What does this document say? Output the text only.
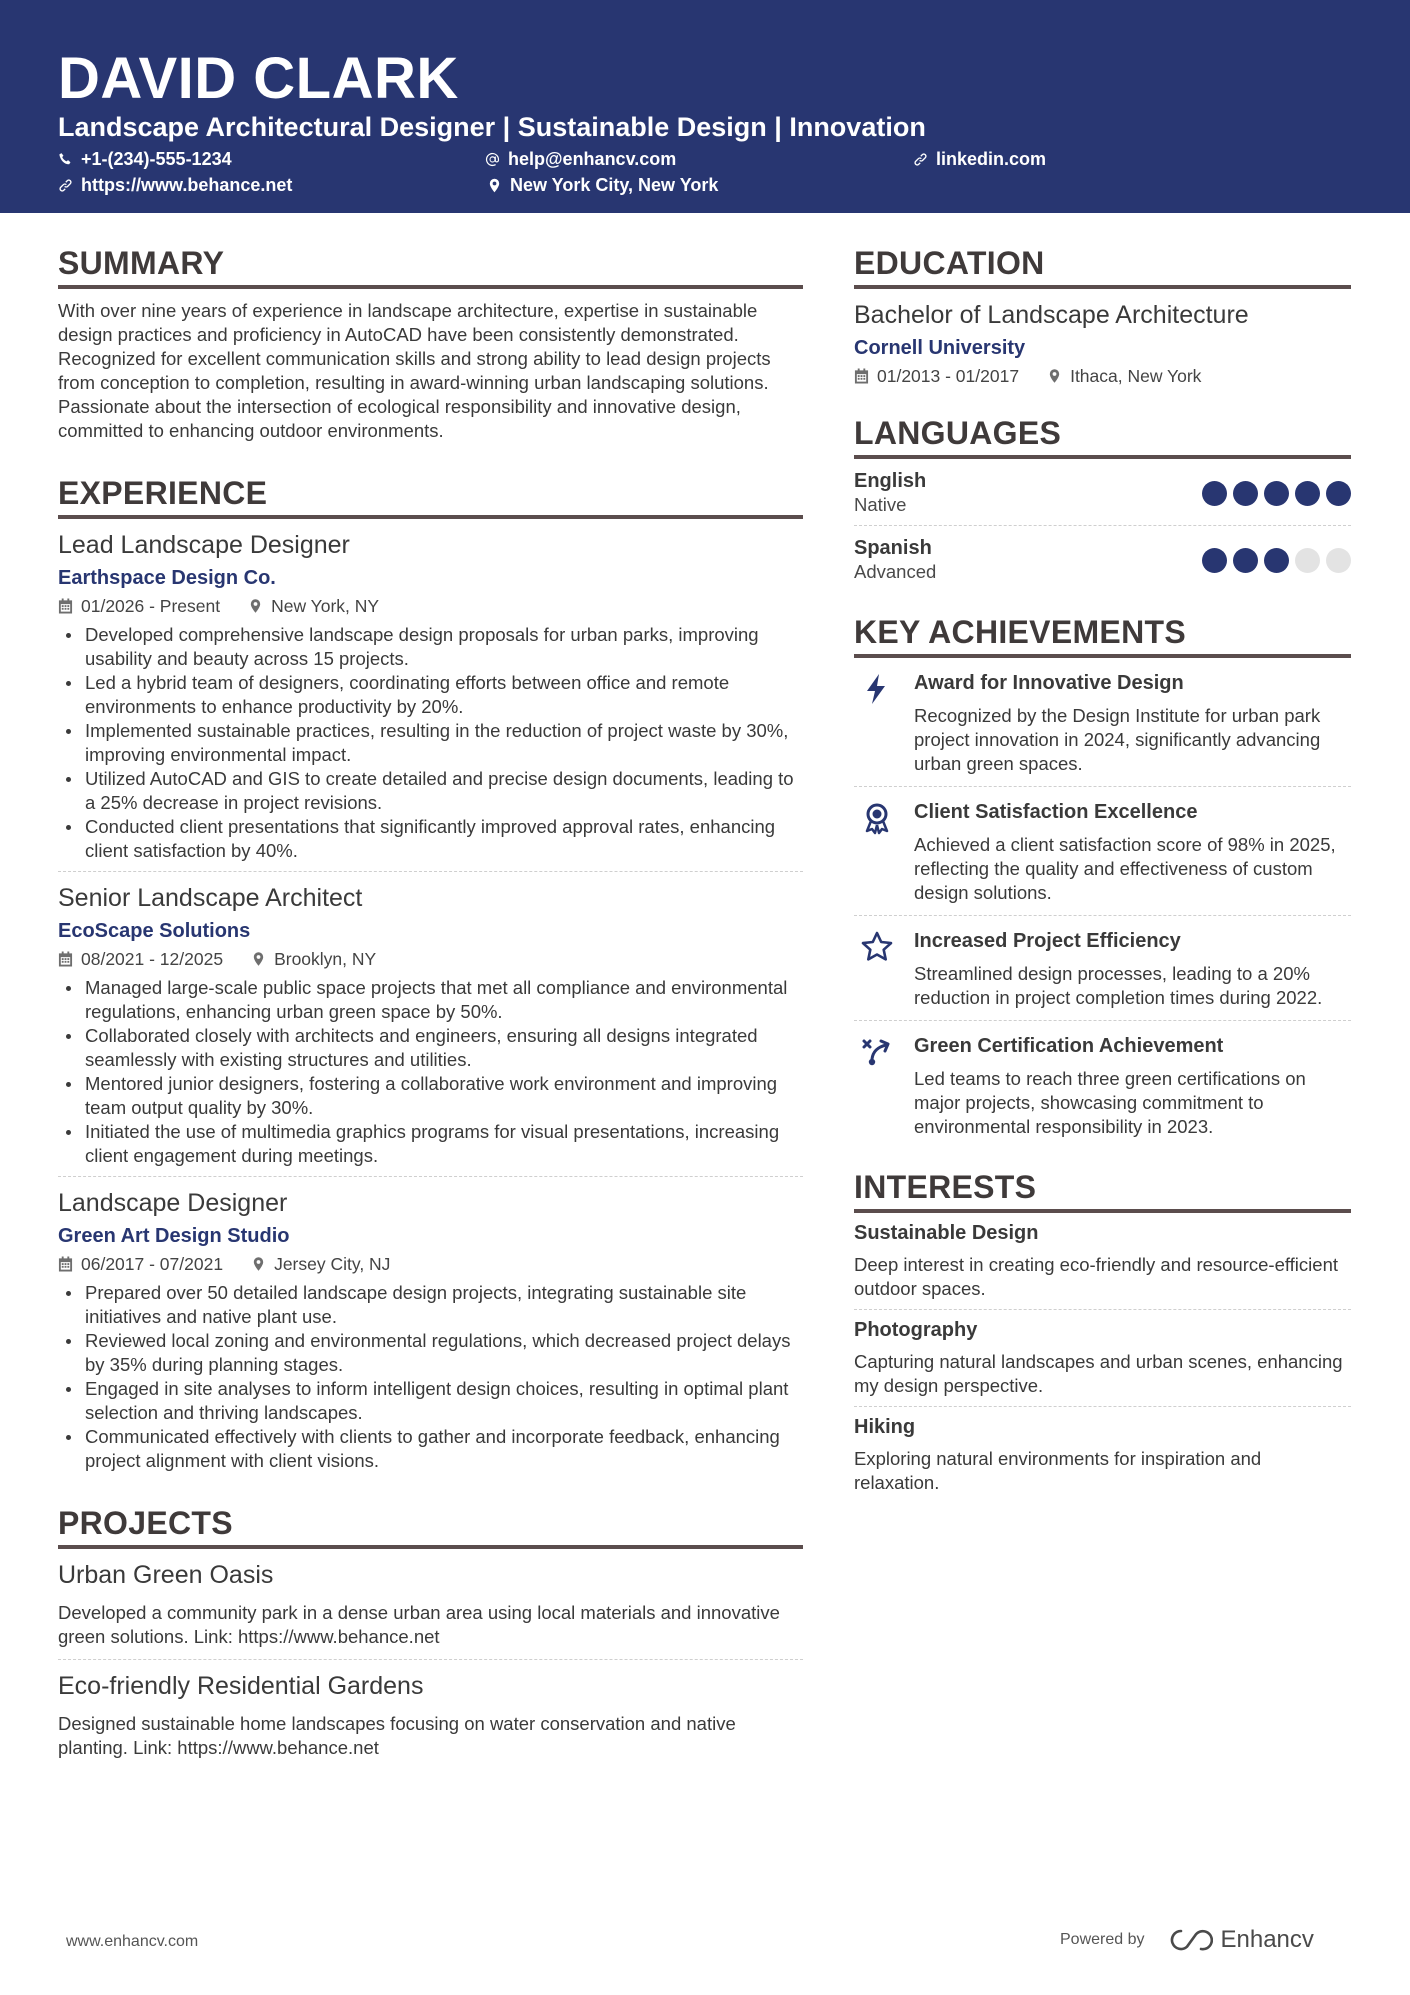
DAVID CLARK
Landscape Architectural Designer | Sustainable Design | Innovation
+1-(234)-555-1234	help@enhancv.com	linkedin.com
https://www.behance.net	New York City, New York
SUMMARY
With over nine years of experience in landscape architecture, expertise in sustainable design practices and proficiency in AutoCAD have been consistently demonstrated. Recognized for excellent communication skills and strong ability to lead design projects from conception to completion, resulting in award-winning urban landscaping solutions. Passionate about the intersection of ecological responsibility and innovative design, committed to enhancing outdoor environments.
EXPERIENCE
Lead Landscape Designer
Earthspace Design Co.
01/2026 - Present	New York, NY
Developed comprehensive landscape design proposals for urban parks, improving usability and beauty across 15 projects.
Led a hybrid team of designers, coordinating efforts between office and remote environments to enhance productivity by 20%.
Implemented sustainable practices, resulting in the reduction of project waste by 30%, improving environmental impact.
Utilized AutoCAD and GIS to create detailed and precise design documents, leading to a 25% decrease in project revisions.
Conducted client presentations that significantly improved approval rates, enhancing client satisfaction by 40%.
Senior Landscape Architect
EcoScape Solutions
08/2021 - 12/2025	Brooklyn, NY
Managed large-scale public space projects that met all compliance and environmental regulations, enhancing urban green space by 50%.
Collaborated closely with architects and engineers, ensuring all designs integrated seamlessly with existing structures and utilities.
Mentored junior designers, fostering a collaborative work environment and improving team output quality by 30%.
Initiated the use of multimedia graphics programs for visual presentations, increasing client engagement during meetings.
Landscape Designer
Green Art Design Studio
06/2017 - 07/2021	Jersey City, NJ
Prepared over 50 detailed landscape design projects, integrating sustainable site initiatives and native plant use.
Reviewed local zoning and environmental regulations, which decreased project delays by 35% during planning stages.
Engaged in site analyses to inform intelligent design choices, resulting in optimal plant selection and thriving landscapes.
Communicated effectively with clients to gather and incorporate feedback, enhancing project alignment with client visions.
PROJECTS
Urban Green Oasis
Developed a community park in a dense urban area using local materials and innovative green solutions. Link: https://www.behance.net
Eco-friendly Residential Gardens
Designed sustainable home landscapes focusing on water conservation and native planting. Link: https://www.behance.net
EDUCATION
Bachelor of Landscape Architecture
Cornell University
01/2013 - 01/2017	Ithaca, New York
LANGUAGES
English
Native
Spanish
Advanced
KEY ACHIEVEMENTS
Award for Innovative Design
Recognized by the Design Institute for urban park project innovation in 2024, significantly advancing urban green spaces.
Client Satisfaction Excellence
Achieved a client satisfaction score of 98% in 2025, reflecting the quality and effectiveness of custom design solutions.
Increased Project Efficiency
Streamlined design processes, leading to a 20% reduction in project completion times during 2022.
Green Certification Achievement
Led teams to reach three green certifications on major projects, showcasing commitment to environmental responsibility in 2023.
INTERESTS
Sustainable Design
Deep interest in creating eco-friendly and resource-efficient outdoor spaces.
Photography
Capturing natural landscapes and urban scenes, enhancing my design perspective.
Hiking
Exploring natural environments for inspiration and relaxation.
www.enhancv.com	Powered by	Enhancv
